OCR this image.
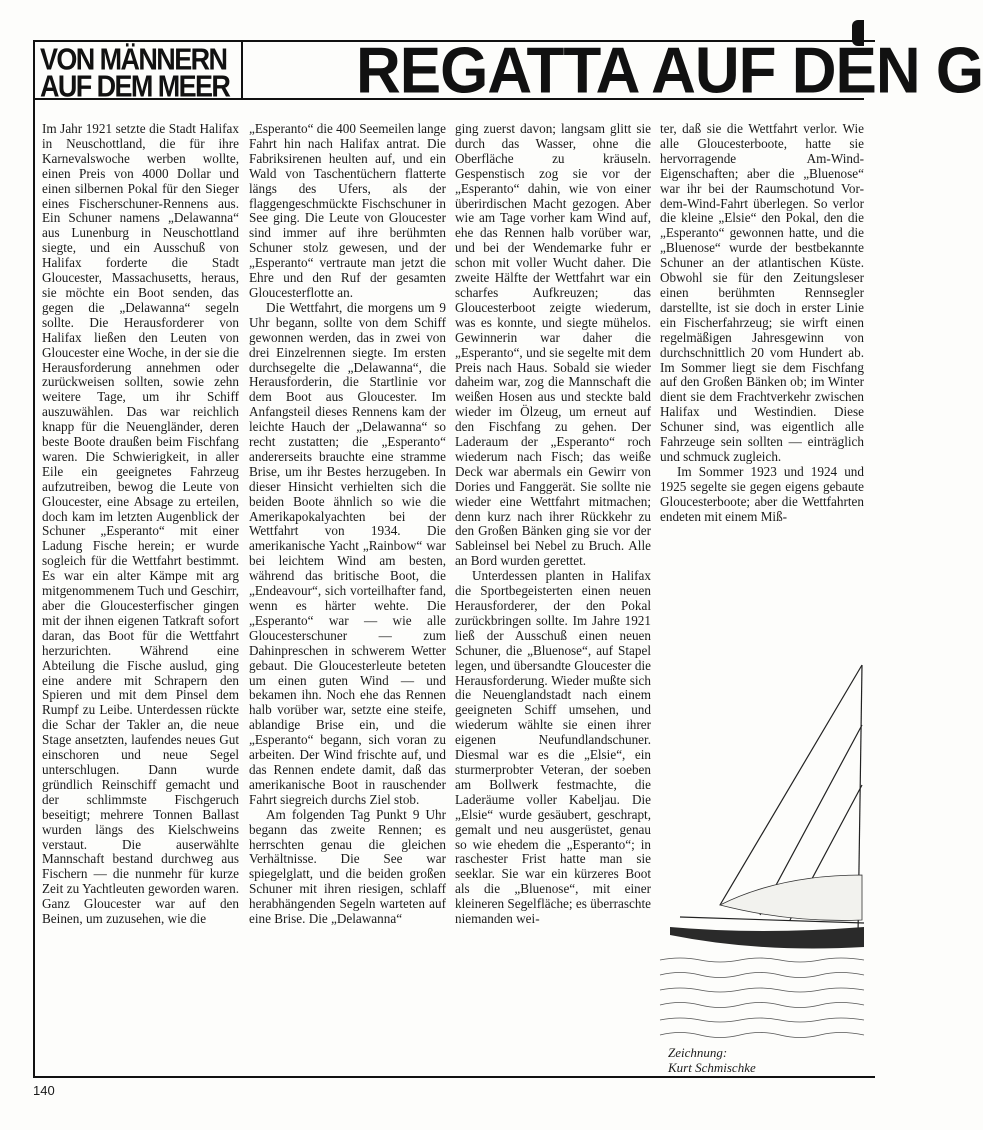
VON MÄNNERN
AUF DEM MEER REGATTA AUF DEN G

Im Jahr 1921 setzte die Stadt Halifax in Neuschottland, die für ihre Karnevalswoche werben wollte, einen Preis von 4000 Dollar und einen silbernen Pokal für den Sieger eines Fischerschuner-Rennens aus. Ein Schuner namens „Delawanna“ aus Lunenburg in Neuschottland siegte, und ein Ausschuß von Halifax forderte die Stadt Gloucester, Massachusetts, heraus, sie möchte ein Boot senden, das gegen die „Delawanna“ segeln sollte. Die Herausforderer von Halifax ließen den Leuten von Gloucester eine Woche, in der sie die Herausforderung annehmen oder zurückweisen sollten, sowie zehn weitere Tage, um ihr Schiff auszuwählen. Das war reichlich knapp für die Neuengländer, deren beste Boote draußen beim Fischfang waren. Die Schwierigkeit, in aller Eile ein geeignetes Fahrzeug aufzutreiben, bewog die Leute von Gloucester, eine Absage zu erteilen, doch kam im letzten Augenblick der Schuner „Esperanto“ mit einer Ladung Fische herein; er wurde sogleich für die Wettfahrt bestimmt. Es war ein alter Kämpe mit arg mitgenommenem Tuch und Geschirr, aber die Gloucesterfischer gingen mit der ihnen eigenen Tatkraft sofort daran, das Boot für die Wettfahrt herzurichten. Während eine Abteilung die Fische auslud, ging eine andere mit Schrapern den Spieren und mit dem Pinsel dem Rumpf zu Leibe. Unterdessen rückte die Schar der Takler an, die neue Stage ansetzten, laufendes neues Gut einschoren und neue Segel unterschlugen. Dann wurde gründlich Reinschiff gemacht und der schlimmste Fischgeruch beseitigt; mehrere Tonnen Ballast wurden längs des Kielschweins verstaut. Die auserwählte Mannschaft bestand durchweg aus Fischern — die nunmehr für kurze Zeit zu Yachtleuten geworden waren. Ganz Gloucester war auf den Beinen, um zuzusehen, wie die

„Esperanto“ die 400 Seemeilen lange Fahrt hin nach Halifax antrat. Die Fabriksirenen heulten auf, und ein Wald von Taschentüchern flatterte längs des Ufers, als der flaggengeschmückte Fischschuner in See ging. Die Leute von Gloucester sind immer auf ihre berühmten Schuner stolz gewesen, und der „Esperanto“ vertraute man jetzt die Ehre und den Ruf der gesamten Gloucesterflotte an.

Die Wettfahrt, die morgens um 9 Uhr begann, sollte von dem Schiff gewonnen werden, das in zwei von drei Einzelrennen siegte. Im ersten durchsegelte die „Delawanna“, die Herausforderin, die Startlinie vor dem Boot aus Gloucester. Im Anfangsteil dieses Rennens kam der leichte Hauch der „Delawanna“ so recht zustatten; die „Esperanto“ andererseits brauchte eine stramme Brise, um ihr Bestes herzugeben. In dieser Hinsicht verhielten sich die beiden Boote ähnlich so wie die Amerikapokalyachten bei der Wettfahrt von 1934. Die amerikanische Yacht „Rainbow“ war bei leichtem Wind am besten, während das britische Boot, die „Endeavour“, sich vorteilhafter fand, wenn es härter wehte. Die „Esperanto“ war — wie alle Gloucesterschuner — zum Dahinpreschen in schwerem Wetter gebaut. Die Gloucesterleute beteten um einen guten Wind — und bekamen ihn. Noch ehe das Rennen halb vorüber war, setzte eine steife, ablandige Brise ein, und die „Esperanto“ begann, sich voran zu arbeiten. Der Wind frischte auf, und das Rennen endete damit, daß das amerikanische Boot in rauschender Fahrt siegreich durchs Ziel stob.

Am folgenden Tag Punkt 9 Uhr begann das zweite Rennen; es herrschten genau die gleichen Verhältnisse. Die See war spiegelglatt, und die beiden großen Schuner mit ihren riesigen, schlaff herabhängenden Segeln warteten auf eine Brise. Die „Delawanna“

ging zuerst davon; langsam glitt sie durch das Wasser, ohne die Oberfläche zu kräuseln. Gespenstisch zog sie vor der „Esperanto“ dahin, wie von einer überirdischen Macht gezogen. Aber wie am Tage vorher kam Wind auf, ehe das Rennen halb vorüber war, und bei der Wendemarke fuhr er schon mit voller Wucht daher. Die zweite Hälfte der Wettfahrt war ein scharfes Aufkreuzen; das Gloucesterboot zeigte wiederum, was es konnte, und siegte mühelos. Gewinnerin war daher die „Esperanto“, und sie segelte mit dem Preis nach Haus. Sobald sie wieder daheim war, zog die Mannschaft die weißen Hosen aus und steckte bald wieder im Ölzeug, um erneut auf den Fischfang zu gehen. Der Laderaum der „Esperanto“ roch wiederum nach Fisch; das weiße Deck war abermals ein Gewirr von Dories und Fanggerät. Sie sollte nie wieder eine Wettfahrt mitmachen; denn kurz nach ihrer Rückkehr zu den Großen Bänken ging sie vor der Sableinsel bei Nebel zu Bruch. Alle an Bord wurden gerettet.

Unterdessen planten in Halifax die Sportbegeisterten einen neuen Herausforderer, der den Pokal zurückbringen sollte. Im Jahre 1921 ließ der Ausschuß einen neuen Schuner, die „Bluenose“, auf Stapel legen, und übersandte Gloucester die Herausforderung. Wieder mußte sich die Neuenglandstadt nach einem geeigneten Schiff umsehen, und wiederum wählte sie einen ihrer eigenen Neufundlandschuner. Diesmal war es die „Elsie“, ein sturmerprobter Veteran, der soeben am Bollwerk festmachte, die Laderäume voller Kabeljau. Die „Elsie“ wurde gesäubert, geschrapt, gemalt und neu ausgerüstet, genau so wie ehedem die „Esperanto“; in raschester Frist hatte man sie seeklar. Sie war ein kürzeres Boot als die „Bluenose“, mit einer kleineren Segelfläche; es überraschte niemanden wei-

ter, daß sie die Wettfahrt verlor. Wie alle Gloucesterboote, hatte sie hervorragende Am-Wind-Eigenschaften; aber die „Bluenose“ war ihr bei der Raumschotund Vor-dem-Wind-Fahrt überlegen. So verlor die kleine „Elsie“ den Pokal, den die „Esperanto“ gewonnen hatte, und die „Bluenose“ wurde der bestbekannte Schuner an der atlantischen Küste. Obwohl sie für den Zeitungsleser einen berühmten Rennsegler darstellte, ist sie doch in erster Linie ein Fischerfahrzeug; sie wirft einen regelmäßigen Jahresgewinn von durchschnittlich 20 vom Hundert ab. Im Sommer liegt sie dem Fischfang auf den Großen Bänken ob; im Winter dient sie dem Frachtverkehr zwischen Halifax und Westindien. Diese Schuner sind, was eigentlich alle Fahrzeuge sein sollten — einträglich und schmuck zugleich.

Im Sommer 1923 und 1924 und 1925 segelte sie gegen eigens gebaute Gloucesterboote; aber die Wettfahrten endeten mit einem Miß-

Zeichnung:
Kurt Schmischke
140
